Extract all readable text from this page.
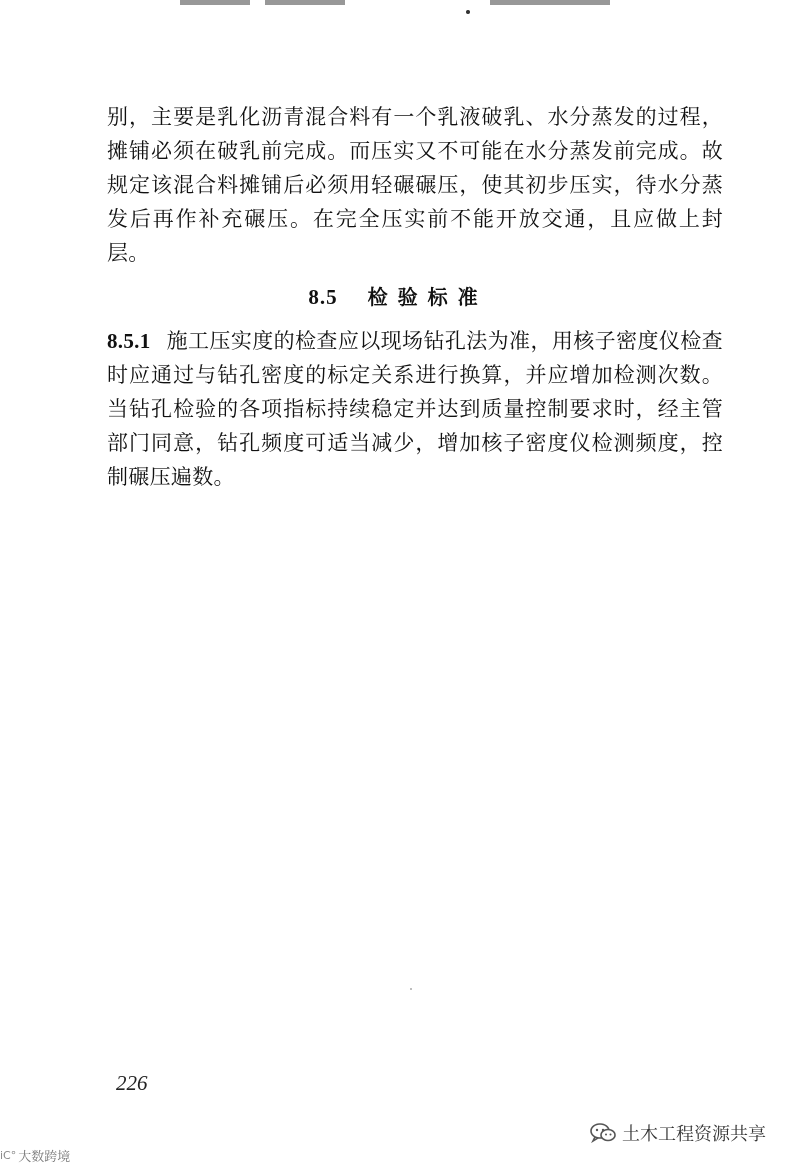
别，主要是乳化沥青混合料有一个乳液破乳、水分蒸发的过程，摊铺必须在破乳前完成。而压实又不可能在水分蒸发前完成。故规定该混合料摊铺后必须用轻碾碾压，使其初步压实，待水分蒸发后再作补充碾压。在完全压实前不能开放交通，且应做上封层。

8.5 检验标准

8.5.1 施工压实度的检查应以现场钻孔法为准，用核子密度仪检查时应通过与钻孔密度的标定关系进行换算，并应增加检测次数。当钻孔检验的各项指标持续稳定并达到质量控制要求时，经主管部门同意，钻孔频度可适当减少，增加核子密度仪检测频度，控制碾压遍数。

226
土木工程资源共享
iC° 大数跨境
